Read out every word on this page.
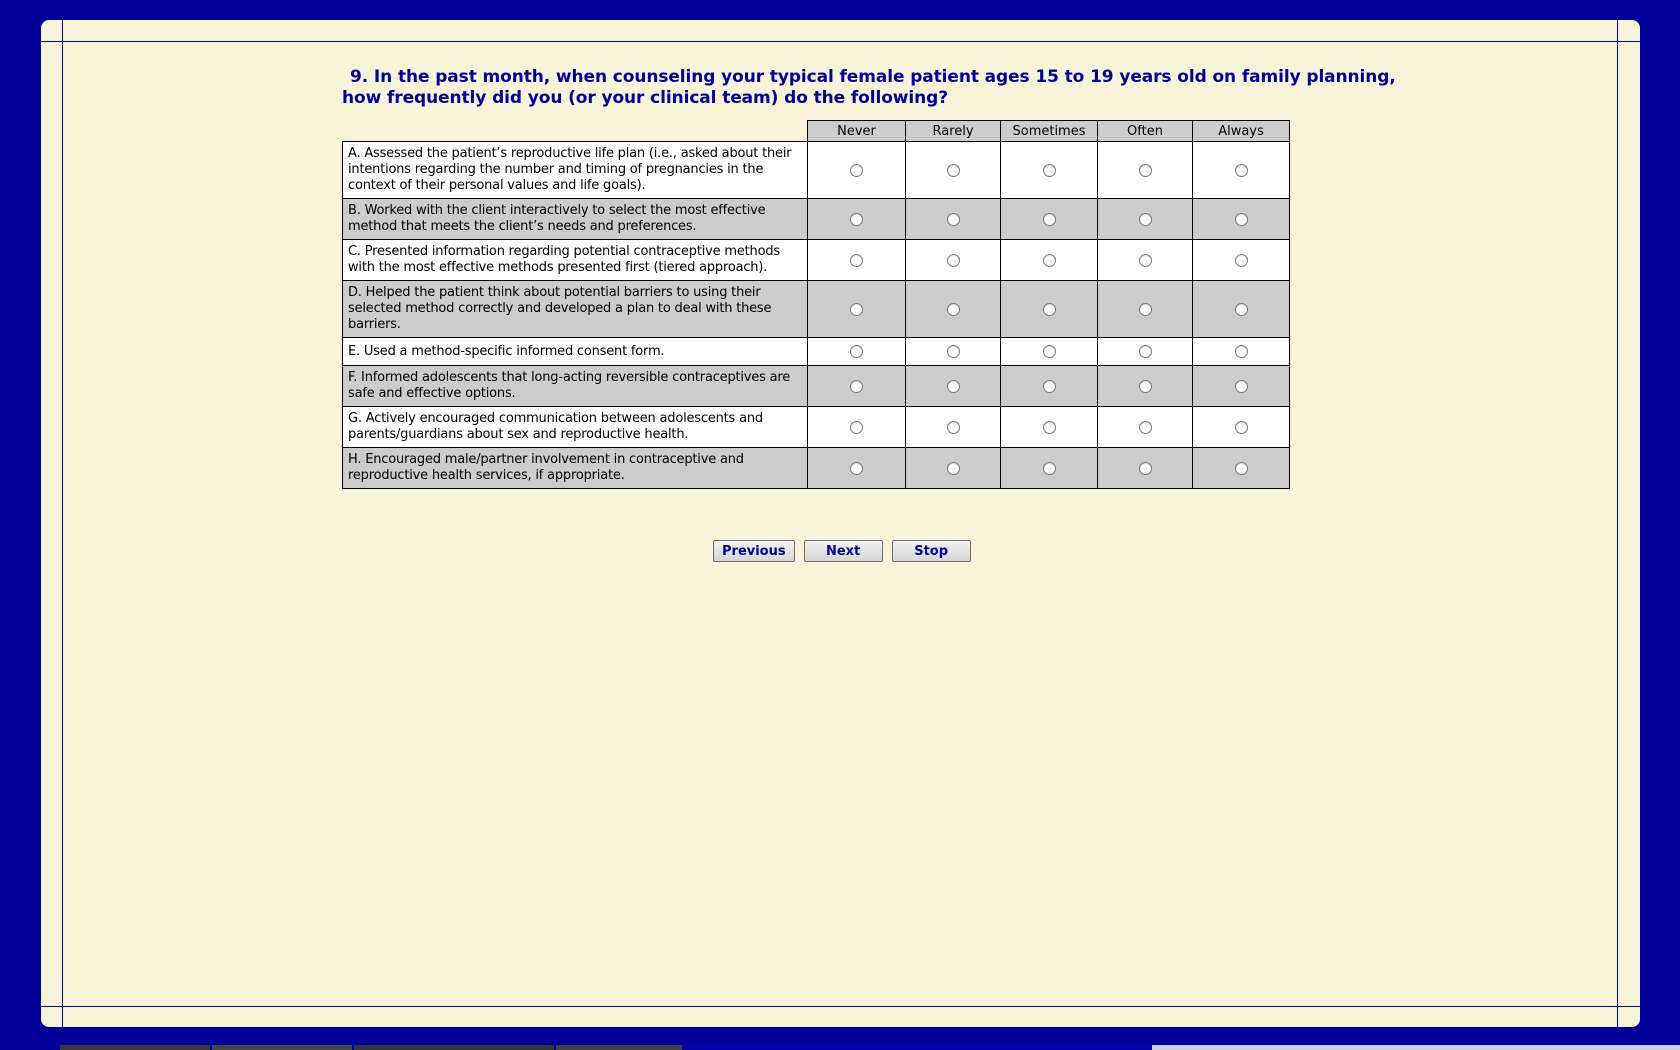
9. In the past month, when counseling your typical female patient ages 15 to 19 years old on family planning,
how frequently did you (or your clinical team) do the following?
	Never	Rarely	Sometimes	Often	Always
A. Assessed the patient’s reproductive life plan (i.e., asked about their intentions regarding the number and timing of pregnancies in the context of their personal values and life goals).					
B. Worked with the client interactively to select the most effective method that meets the client’s needs and preferences.					
C. Presented information regarding potential contraceptive methods with the most effective methods presented first (tiered approach).					
D. Helped the patient think about potential barriers to using their selected method correctly and developed a plan to deal with these barriers.					
E. Used a method-specific informed consent form.					
F. Informed adolescents that long-acting reversible contraceptives are safe and effective options.					
G. Actively encouraged communication between adolescents and parents/guardians about sex and reproductive health.					
H. Encouraged male/partner involvement in contraceptive and reproductive health services, if appropriate.					
Previous	Next	Stop
